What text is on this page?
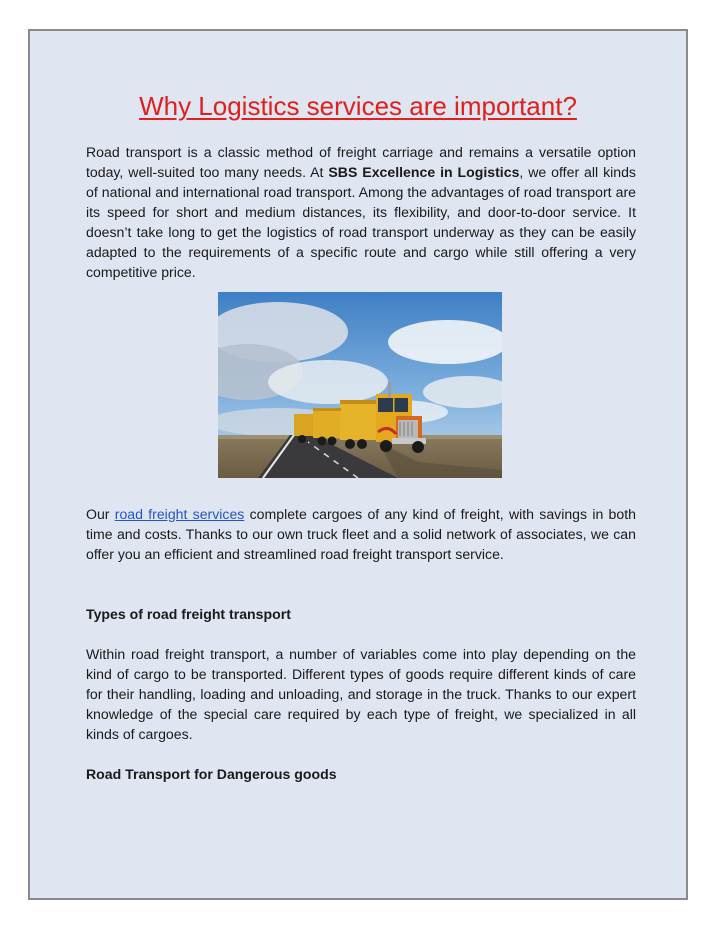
Why Logistics services are important?

Road transport is a classic method of freight carriage and remains a versatile option today, well-suited too many needs. At SBS Excellence in Logistics, we offer all kinds of national and international road transport. Among the advantages of road transport are its speed for short and medium distances, its flexibility, and door-to-door service. It doesn’t take long to get the logistics of road transport underway as they can be easily adapted to the requirements of a specific route and cargo while still offering a very competitive price.

Our road freight services complete cargoes of any kind of freight, with savings in both time and costs. Thanks to our own truck fleet and a solid network of associates, we can offer you an efficient and streamlined road freight transport service.

Types of road freight transport

Within road freight transport, a number of variables come into play depending on the kind of cargo to be transported. Different types of goods require different kinds of care for their handling, loading and unloading, and storage in the truck. Thanks to our expert knowledge of the special care required by each type of freight, we specialized in all kinds of cargoes.

Road Transport for Dangerous goods
